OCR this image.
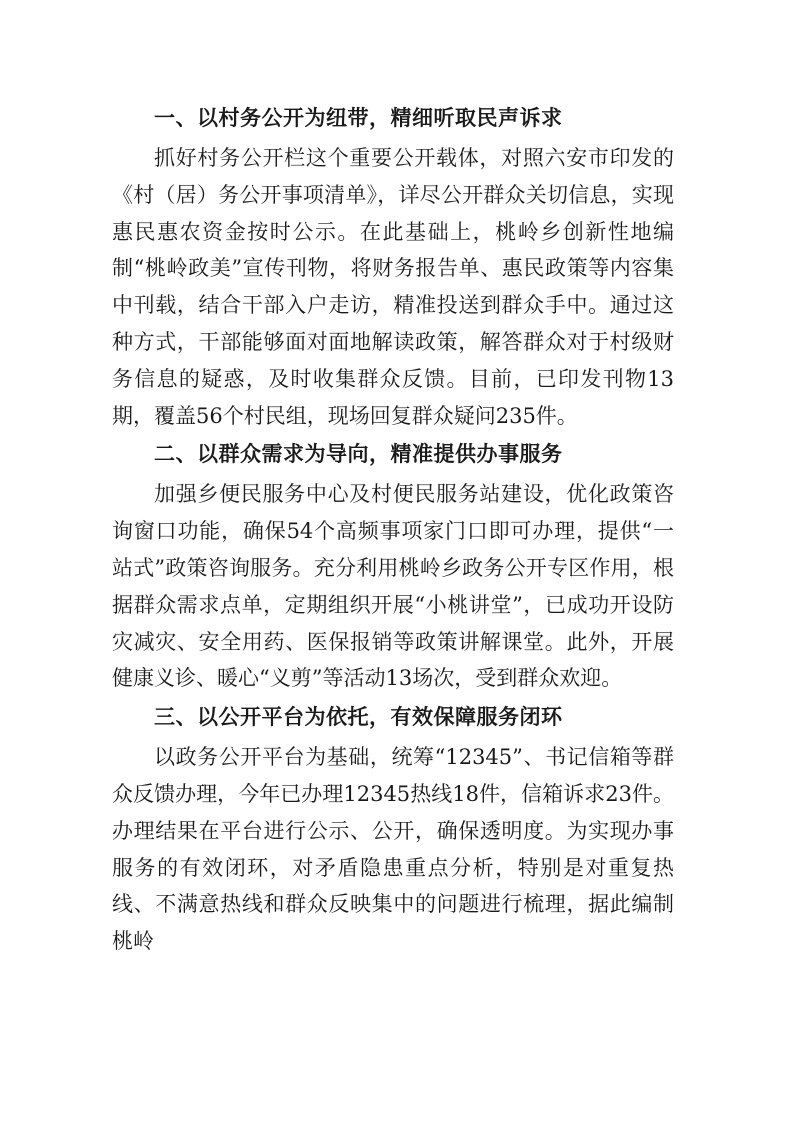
一、以村务公开为纽带，精细听取民声诉求

抓好村务公开栏这个重要公开载体，对照六安市印发的《村（居）务公开事项清单》，详尽公开群众关切信息，实现惠民惠农资金按时公示。在此基础上，桃岭乡创新性地编制“桃岭政美”宣传刊物，将财务报告单、惠民政策等内容集中刊载，结合干部入户走访，精准投送到群众手中。通过这种方式，干部能够面对面地解读政策，解答群众对于村级财务信息的疑惑，及时收集群众反馈。目前，已印发刊物13期，覆盖56个村民组，现场回复群众疑问235件。

二、以群众需求为导向，精准提供办事服务

加强乡便民服务中心及村便民服务站建设，优化政策咨询窗口功能，确保54个高频事项家门口即可办理，提供“一站式”政策咨询服务。充分利用桃岭乡政务公开专区作用，根据群众需求点单，定期组织开展“小桃讲堂”，已成功开设防灾减灾、安全用药、医保报销等政策讲解课堂。此外，开展健康义诊、暖心“义剪”等活动13场次，受到群众欢迎。

三、以公开平台为依托，有效保障服务闭环

以政务公开平台为基础，统筹“12345”、书记信箱等群众反馈办理，今年已办理12345热线18件，信箱诉求23件。办理结果在平台进行公示、公开，确保透明度。为实现办事服务的有效闭环，对矛盾隐患重点分析，特别是对重复热线、不满意热线和群众反映集中的问题进行梳理，据此编制桃岭
